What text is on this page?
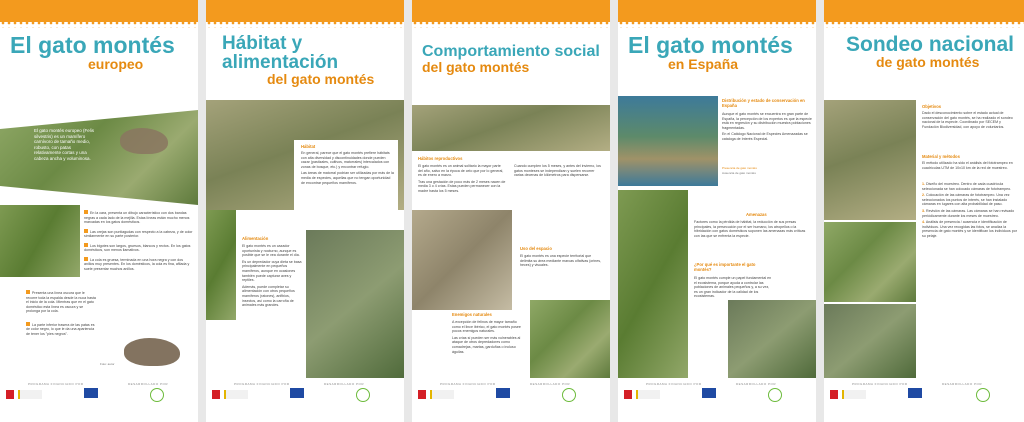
El gato montés
europeo
El gato montés europeo (Felis silvestris) es un mamífero carnívoro de tamaño medio, robusto, con patas relativamente cortas y una cabeza ancha y voluminosa.
En la cara, presenta un dibujo característico con dos bandas negras a cada lado de la mejilla. Estas líneas están mucho menos marcadas en los gatos domésticos.
Las orejas son puntiagudas con respecto a la cabeza, y de color similarmente en su parte posterior.
Los bigotes son largos, gruesos, blancos y rectos. En los gatos domésticos, son menos llamativos.
La cola es gruesa, terminada en una hora negra y con dos anillos muy presentes. En los domésticos, la cola es fina, afilada y suele presentar muchos anillos.
Presenta una línea oscura que le recorre toda la espalda desde la nuca hasta el inicio de la cola. Mientras que en el gato doméstico esta línea es oscura y se prolonga por la cola.
La parte inferior trasera de las patas es de color negro, lo que le da una apariencia de tener los "pies negros".
Foto: autor
PROGRAMA FINANCIADO POR	DESARROLLADO POR
Hábitat y alimentación
del gato montés
Hábitat

En general, parece que el gato montés prefiere hábitats con alta diversidad y discontinuidades donde pueden cazar (pastizales, cultivos, matorrales) intercalados con zonas de bosque, etc.) y encontrar refugio.

Las áreas de matorral podrían ser utilizadas por más de la media de especies, aquellas que no tengan oportunidad de encontrar pequeños mamíferos.

Alimentación

El gato montés es un cazador oportunista y nocturno, aunque es posible que se le vea durante el día.

Es un depredador cuya dieta se basa principalmente en pequeños mamíferos, aunque en ocasiones también puede capturar aves y reptiles.

Además, puede completar su alimentación con otros pequeños mamíferos (ratones), anfibios, insectos, así como la carroña de animales más grandes.

PROGRAMA FINANCIADO POR	DESARROLLADO POR
Comportamiento social
del gato montés
Hábitos reproductivos

El gato montés es un animal solitario la mayor parte del año, salvo en la época de celo que por lo general, es de enero a marzo.

Tras una gestación de poco más de 2 meses nacen de media 3 o 4 crías. Estas pueden permanecer con la madre hasta los 5 meses.

Cuando cumplen los 5 meses, y antes del invierno, los gatos monteses se independizan y suelen recorrer varias decenas de kilómetros para dispersarse.

Uso del espacio
El gato montés es una especie territorial que delimita su área mediante marcas olfativas (orines, heces) y visuales.
Enemigos naturales

A excepción de felinos de mayor tamaño como el lince ibérico, el gato montés posee pocos enemigos naturales.

Las crías sí pueden ser más vulnerables al ataque de otros depredadores como comadrejas, martas, garduñas o incluso águilas.

PROGRAMA FINANCIADO POR	DESARROLLADO POR
El gato montés
en España
Distribución y estado de conservación en España

Aunque el gato montés se encuentra en gran parte de España, la percepción de los expertos es que la especie está en regresión y su distribución muestra poblaciones fragmentadas.

En el Catálogo Nacional de Especies Amenazadas se cataloga de Interés Especial.

Presencia de gato montés
Ausencia de gato montés
Amenazas
Factores como la pérdida de hábitat, la reducción de sus presas principales, la persecución por el ser humano, los atropellos o la hibridación con gatos domésticos suponen las amenazas más críticas con las que se enfrenta la especie.
¿Por qué es importante el gato montés?
El gato montés cumple un papel fundamental en el ecosistema, porque ayuda a controlar las poblaciones de animales pequeños y, a su vez, es un gran indicador de la calidad de los ecosistemas.
PROGRAMA FINANCIADO POR	DESARROLLADO POR
Sondeo nacional
de gato montés
Objetivos
Dado el desconocimiento sobre el estado actual de conservación del gato montés, se ha realizado el sondeo nacional de la especie. Coordinado por SECEM y Fundación Biodiversidad, con apoyo de voluntarios.
Material y métodos
El método utilizado ha sido el análisis del fototrampeo en cuadrículas UTM de 10x10 km de la red de muestreo.

1. Diseño del muestreo. Dentro de cada cuadrícula seleccionada se han colocado cámaras de fototrampeo.

2. Colocación de las cámaras de fototrampeo. Una vez seleccionados los puntos de interés, se han instalado cámaras en lugares con alta probabilidad de paso.

3. Revisión de las cámaras. Las cámaras se han revisado periódicamente durante los meses de muestreo.

4. Análisis de presencia / ausencia e identificación de individuos. Una vez recogidas las fotos, se analiza la presencia de gato montés y se identifican los individuos por su pelaje.

PROGRAMA FINANCIADO POR	DESARROLLADO POR
